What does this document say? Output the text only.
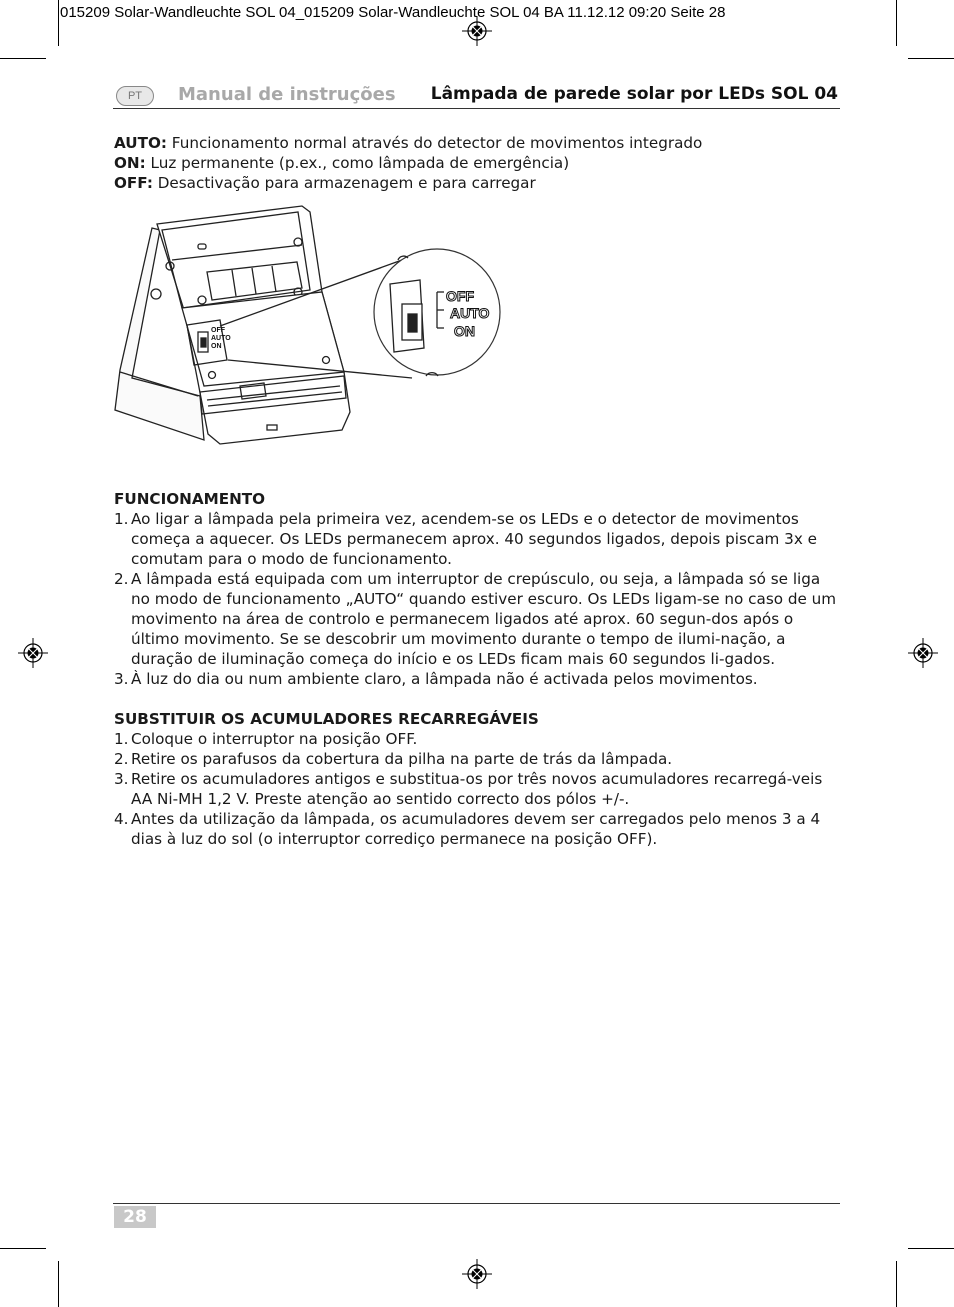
015209 Solar-Wandleuchte SOL 04_015209 Solar-Wandleuchte SOL 04 BA 11.12.12 09:20 Seite 28
PT	Manual de instruções Lâmpada de parede solar por LEDs SOL 04

AUTO: Funcionamento normal através do detector de movimentos integrado

ON: Luz permanente (p.ex., como lâmpada de emergência)

OFF: Desactivação para armazenagem e para carregar

FUNCIONAMENTO

1. Ao ligar a lâmpada pela primeira vez, acendem-se os LEDs e o detector de movimentos começa a aquecer. Os LEDs permanecem aprox. 40 segundos ligados, depois piscam 3x e comutam para o modo de funcionamento.
2. A lâmpada está equipada com um interruptor de crepúsculo, ou seja, a lâmpada só se liga no modo de funcionamento „AUTO“ quando estiver escuro. Os LEDs ligam-se no caso de um movimento na área de controlo e permanecem ligados até aprox. 60 segun-dos após o último movimento. Se se descobrir um movimento durante o tempo de ilumi-nação, a duração de iluminação começa do início e os LEDs ficam mais 60 segundos li-gados.
3. À luz do dia ou num ambiente claro, a lâmpada não é activada pelos movimentos.

SUBSTITUIR OS ACUMULADORES RECARREGÁVEIS

1. Coloque o interruptor na posição OFF.
2. Retire os parafusos da cobertura da pilha na parte de trás da lâmpada.
3. Retire os acumuladores antigos e substitua-os por três novos acumuladores recarregá-veis AA Ni-MH 1,2 V. Preste atenção ao sentido correcto dos pólos +/-.
4. Antes da utilização da lâmpada, os acumuladores devem ser carregados pelo menos 3 a 4 dias à luz do sol (o interruptor corrediço permanece na posição OFF).
OFF
AUTO
ON
OFF
AUTO
ON
28
